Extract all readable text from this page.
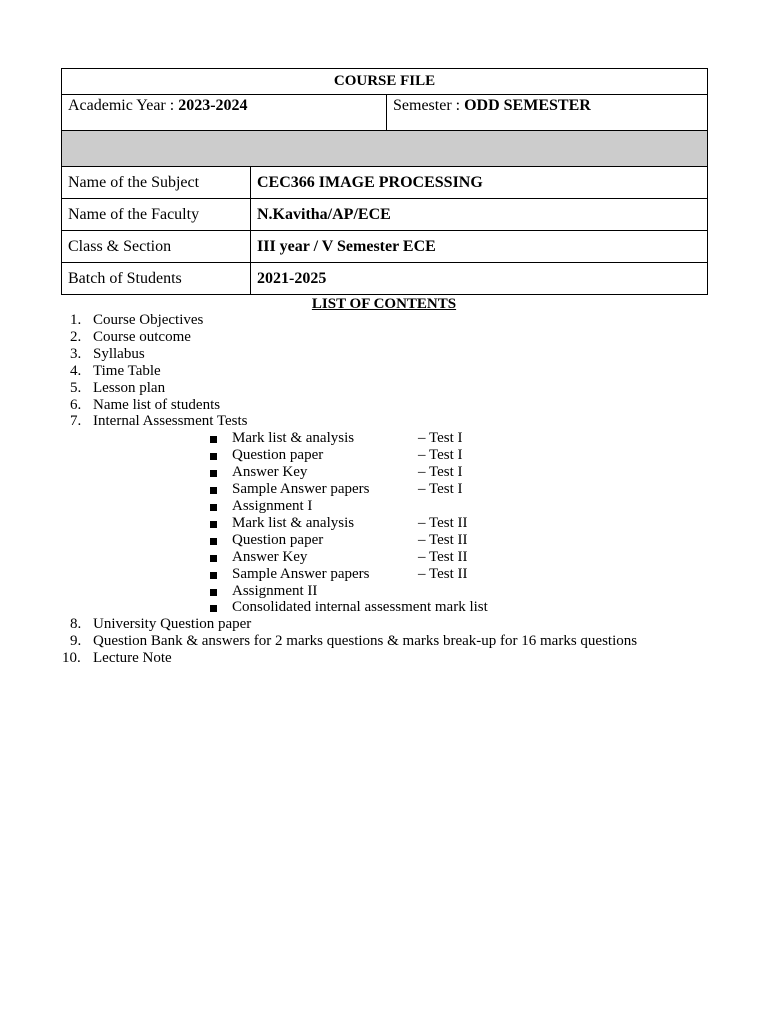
COURSE FILE		
Academic Year : 2023-2024		Semester : ODD SEMESTER

Name of the Subject	CEC366 IMAGE PROCESSING	
Name of the Faculty	N.Kavitha/AP/ECE	
Class & Section	III year / V Semester ECE	
Batch of Students	2021-2025	
LIST OF CONTENTS
1. Course Objectives
2. Course outcome
3. Syllabus
4. Time Table
5. Lesson plan
6. Name list of students
7. Internal Assessment Tests
Mark list & analysis	– Test I
Question paper	– Test I
Answer Key	– Test I
Sample Answer papers	– Test I
Assignment I
Mark list & analysis	– Test II
Question paper	– Test II
Answer Key	– Test II
Sample Answer papers	– Test II
Assignment II
Consolidated internal assessment mark list
8. University Question paper
9. Question Bank & answers for 2 marks questions & marks break-up for 16 marks questions
10. Lecture Note
